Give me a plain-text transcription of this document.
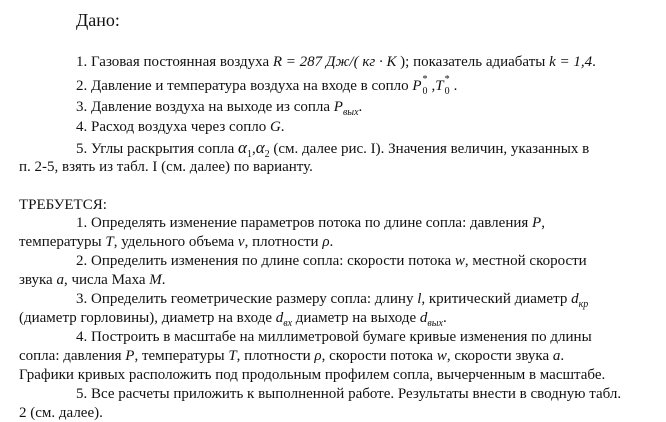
Дано:
1. Газовая постоянная воздуха R = 287 Дж/( кг · К ); показатель адиабаты k = 1,4.
2. Давление и температура воздуха на входе в сопло P *
0 ,T *
0 .
3. Давление воздуха на выходе из сопла $P_{вых}$.
4. Расход воздуха через сопло G.
5. Углы раскрытия сопла $\alpha_1,\alpha_2$ (см. далее рис. I). Значения величин, указанных в
п. 2-5, взять из табл. I (см. далее) по варианту.
ТРЕБУЕТСЯ:
1. Определять изменение параметров потока по длине сопла: давления P,
температуры T, удельного объема v, плотности ρ.
2. Определить изменения по длине сопла: скорости потока w, местной скорости
звука a, числа Маха M.
3. Определить геометрические размеру сопла: длину l, критический диаметр $d_{кр}$
(диаметр горловины), диаметр на входе $d_{вх}$ диаметр на выходе $d_{вых}$.
4. Построить в масштабе на миллиметровой бумаге кривые изменения по длины
сопла: давления P, температуры T, плотности ρ, скорости потока w, скорости звука a.
Графики кривых расположить под продольным профилем сопла, вычерченным в масштабе.
5. Все расчеты приложить к выполненной работе. Результаты внести в сводную табл.
2 (см. далее).
